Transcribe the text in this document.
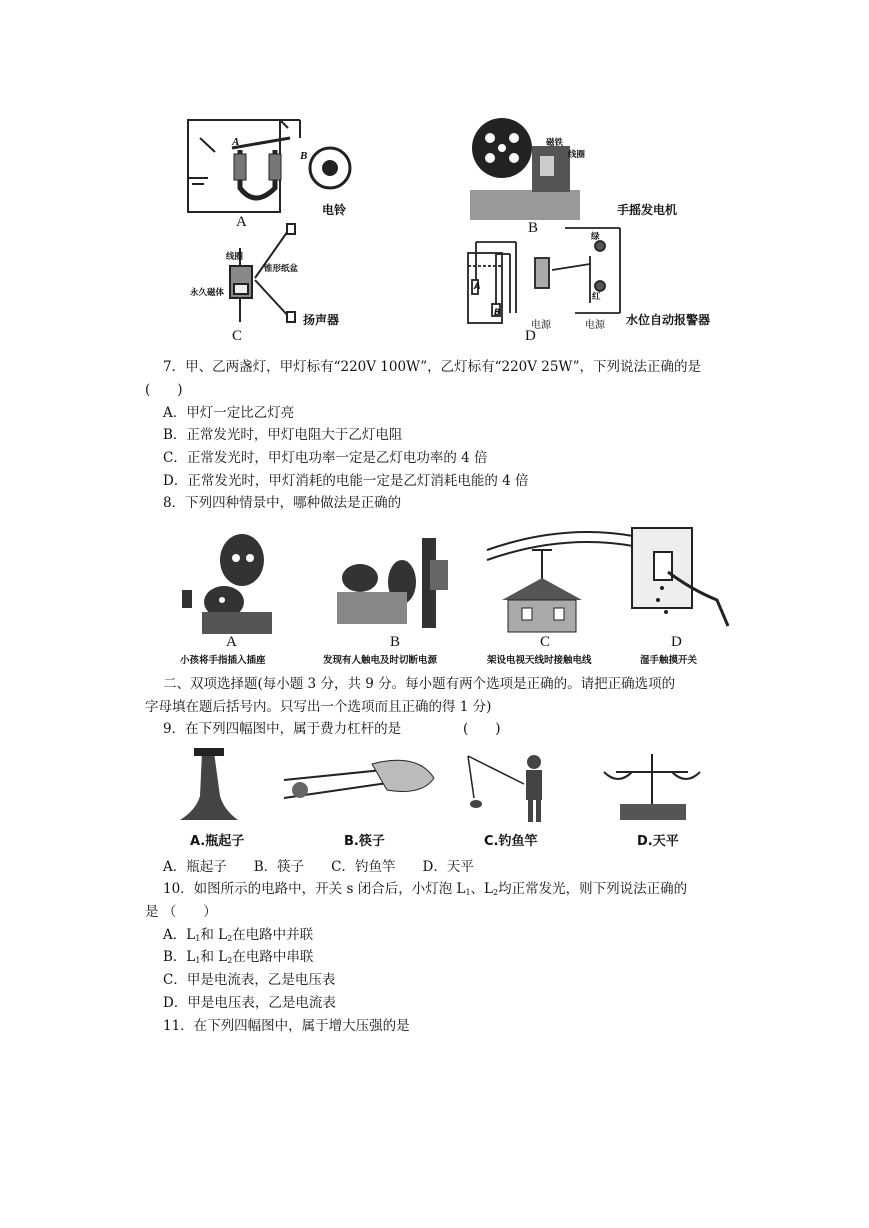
A
B
A
电铃
磁铁
线圈
B
手摇发电机
线圈
锥形纸盆
永久磁体
C
扬声器
绿
红
A
B
电源	电源
D
水位自动报警器
7．甲、乙两盏灯，甲灯标有“220V 100W”，乙灯标有“220V 25W”，下列说法正确的是
(　　)
A．甲灯一定比乙灯亮
B．正常发光时，甲灯电阻大于乙灯电阻
C．正常发光时，甲灯电功率一定是乙灯电功率的 4 倍
D．正常发光时，甲灯消耗的电能一定是乙灯消耗电能的 4 倍
8．下列四种情景中，哪种做法是正确的
A	B	C	D
小孩将手指插入插座	发现有人触电及时切断电源	架设电视天线时接触电线	湿手触摸开关
二、双项选择题(每小题 3 分，共 9 分。每小题有两个选项是正确的。请把正确选项的
字母填在题后括号内。只写出一个选项而且正确的得 1 分)
9．在下列四幅图中，属于费力杠杆的是	(　　)
A.瓶起子	B.筷子	C.钓鱼竿	D.天平
A．瓶起子　　B．筷子　　C．钓鱼竿　　D．天平
10．如图所示的电路中，开关 s 闭合后，小灯泡 $L_1$、$L_2$均正常发光，则下列说法正确的
是 （　　）
A．$L_1$和 $L_2$在电路中并联
B．$L_1$和 $L_2$在电路中串联
C．甲是电流表，乙是电压表
D．甲是电压表，乙是电流表
11．在下列四幅图中，属于增大压强的是
